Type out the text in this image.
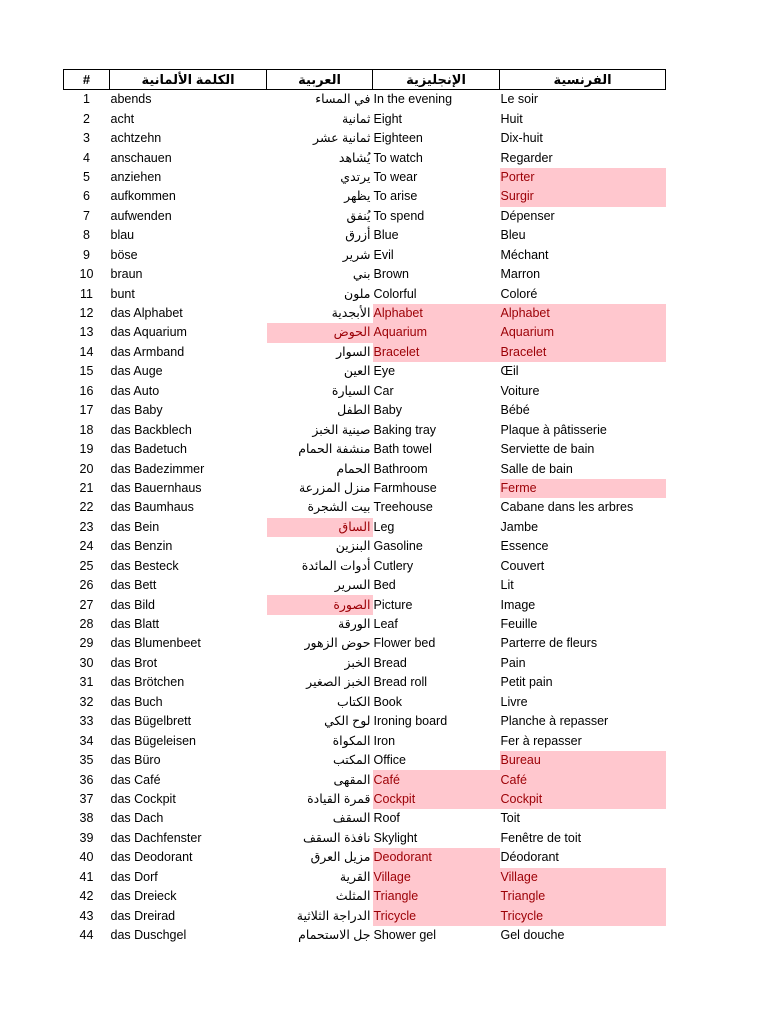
#	الكلمة الألمانية	العربية	الإنجليزية	الفرنسية
1	abends	في المساء	In the evening	Le soir
2	acht	ثمانية	Eight	Huit
3	achtzehn	ثمانية عشر	Eighteen	Dix-huit
4	anschauen	يُشاهد	To watch	Regarder
5	anziehen	يرتدي	To wear	Porter
6	aufkommen	يظهر	To arise	Surgir
7	aufwenden	يُنفق	To spend	Dépenser
8	blau	أزرق	Blue	Bleu
9	böse	شرير	Evil	Méchant
10	braun	بني	Brown	Marron
11	bunt	ملون	Colorful	Coloré
12	das Alphabet	الأبجدية	Alphabet	Alphabet
13	das Aquarium	الحوض	Aquarium	Aquarium
14	das Armband	السوار	Bracelet	Bracelet
15	das Auge	العين	Eye	Œil
16	das Auto	السيارة	Car	Voiture
17	das Baby	الطفل	Baby	Bébé
18	das Backblech	صينية الخبز	Baking tray	Plaque à pâtisserie
19	das Badetuch	منشفة الحمام	Bath towel	Serviette de bain
20	das Badezimmer	الحمام	Bathroom	Salle de bain
21	das Bauernhaus	منزل المزرعة	Farmhouse	Ferme
22	das Baumhaus	بيت الشجرة	Treehouse	Cabane dans les arbres
23	das Bein	الساق	Leg	Jambe
24	das Benzin	البنزين	Gasoline	Essence
25	das Besteck	أدوات المائدة	Cutlery	Couvert
26	das Bett	السرير	Bed	Lit
27	das Bild	الصورة	Picture	Image
28	das Blatt	الورقة	Leaf	Feuille
29	das Blumenbeet	حوض الزهور	Flower bed	Parterre de fleurs
30	das Brot	الخبز	Bread	Pain
31	das Brötchen	الخبز الصغير	Bread roll	Petit pain
32	das Buch	الكتاب	Book	Livre
33	das Bügelbrett	لوح الكي	Ironing board	Planche à repasser
34	das Bügeleisen	المكواة	Iron	Fer à repasser
35	das Büro	المكتب	Office	Bureau
36	das Café	المقهى	Café	Café
37	das Cockpit	قمرة القيادة	Cockpit	Cockpit
38	das Dach	السقف	Roof	Toit
39	das Dachfenster	نافذة السقف	Skylight	Fenêtre de toit
40	das Deodorant	مزيل العرق	Deodorant	Déodorant
41	das Dorf	القرية	Village	Village
42	das Dreieck	المثلث	Triangle	Triangle
43	das Dreirad	الدراجة الثلاثية	Tricycle	Tricycle
44	das Duschgel	جل الاستحمام	Shower gel	Gel douche
